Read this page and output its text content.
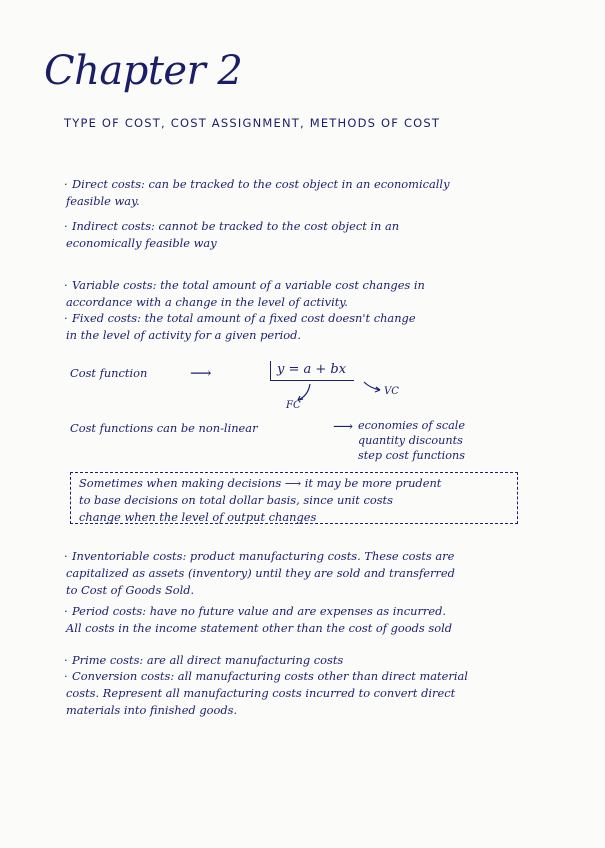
Chapter 2
TYPE OF COST, COST ASSIGNMENT, METHODS OF COST
· Direct costs: can be tracked to the cost object in an economically
feasible way.
· Indirect costs: cannot be tracked to the cost object in an
economically feasible way
· Variable costs: the total amount of a variable cost changes in
accordance with a change in the level of activity.
· Fixed costs: the total amount of a fixed cost doesn't change
in the level of activity for a given period.
Cost function	⟶	y = a + bx
FC
VC
Cost functions can be non-linear	⟶ economies of scale
quantity discounts
step cost functions
Sometimes when making decisions ⟶ it may be more prudent
to base decisions on total dollar basis, since unit costs
change when the level of output changes
· Inventoriable costs: product manufacturing costs. These costs are
capitalized as assets (inventory) until they are sold and transferred
to Cost of Goods Sold.
· Period costs: have no future value and are expenses as incurred.
All costs in the income statement other than the cost of goods sold
· Prime costs: are all direct manufacturing costs
· Conversion costs: all manufacturing costs other than direct material
costs. Represent all manufacturing costs incurred to convert direct
materials into finished goods.
